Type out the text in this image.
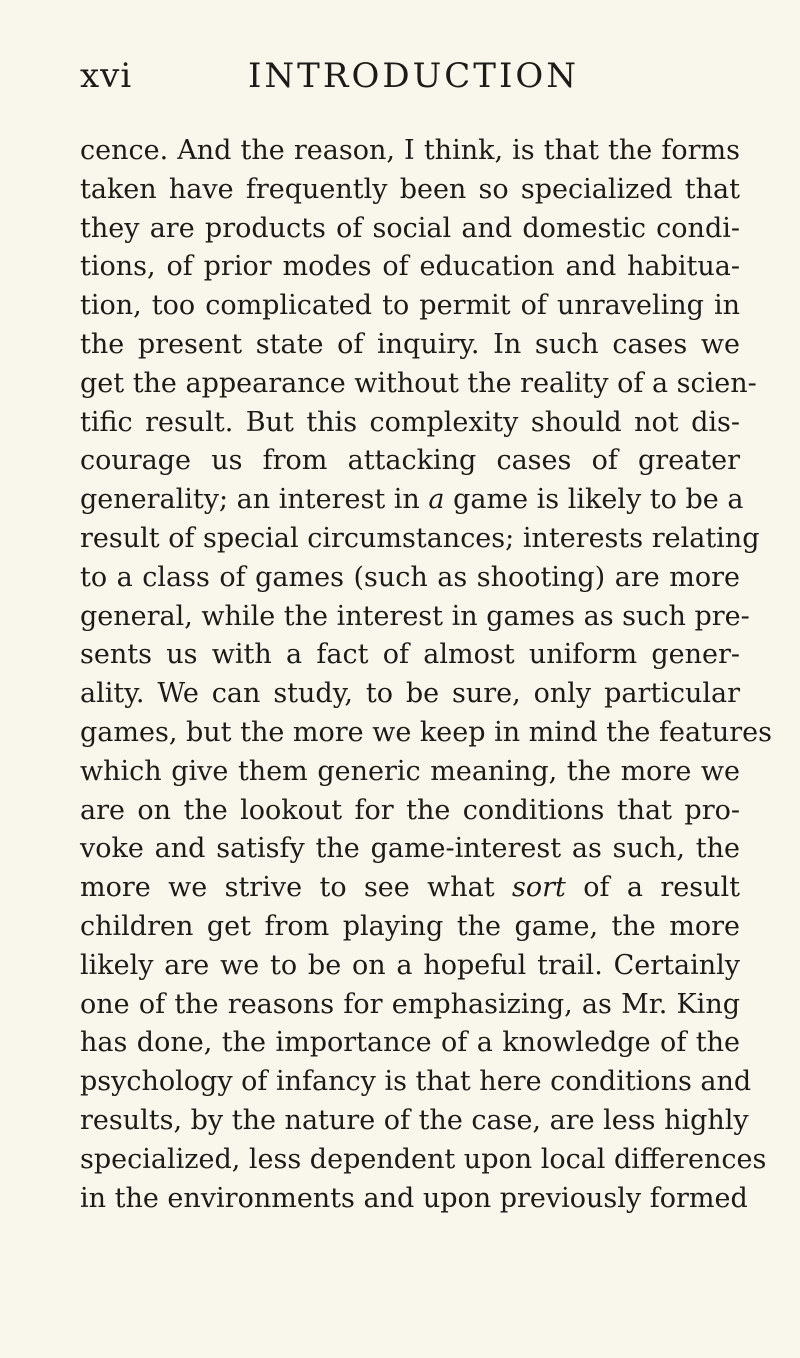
xvi	INTRODUCTION
cence. And the reason, I think, is that the forms
taken have frequently been so specialized that
they are products of social and domestic condi-
tions, of prior modes of education and habitua-
tion, too complicated to permit of unraveling in
the present state of inquiry. In such cases we
get the appearance without the reality of a scien-
tific result. But this complexity should not dis-
courage us from attacking cases of greater
generality; an interest in a game is likely to be a
result of special circumstances; interests relating
to a class of games (such as shooting) are more
general, while the interest in games as such pre-
sents us with a fact of almost uniform gener-
ality. We can study, to be sure, only particular
games, but the more we keep in mind the features
which give them generic meaning, the more we
are on the lookout for the conditions that pro-
voke and satisfy the game-interest as such, the
more we strive to see what sort of a result
children get from playing the game, the more
likely are we to be on a hopeful trail. Certainly
one of the reasons for emphasizing, as Mr. King
has done, the importance of a knowledge of the
psychology of infancy is that here conditions and
results, by the nature of the case, are less highly
specialized, less dependent upon local differences
in the environments and upon previously formed
